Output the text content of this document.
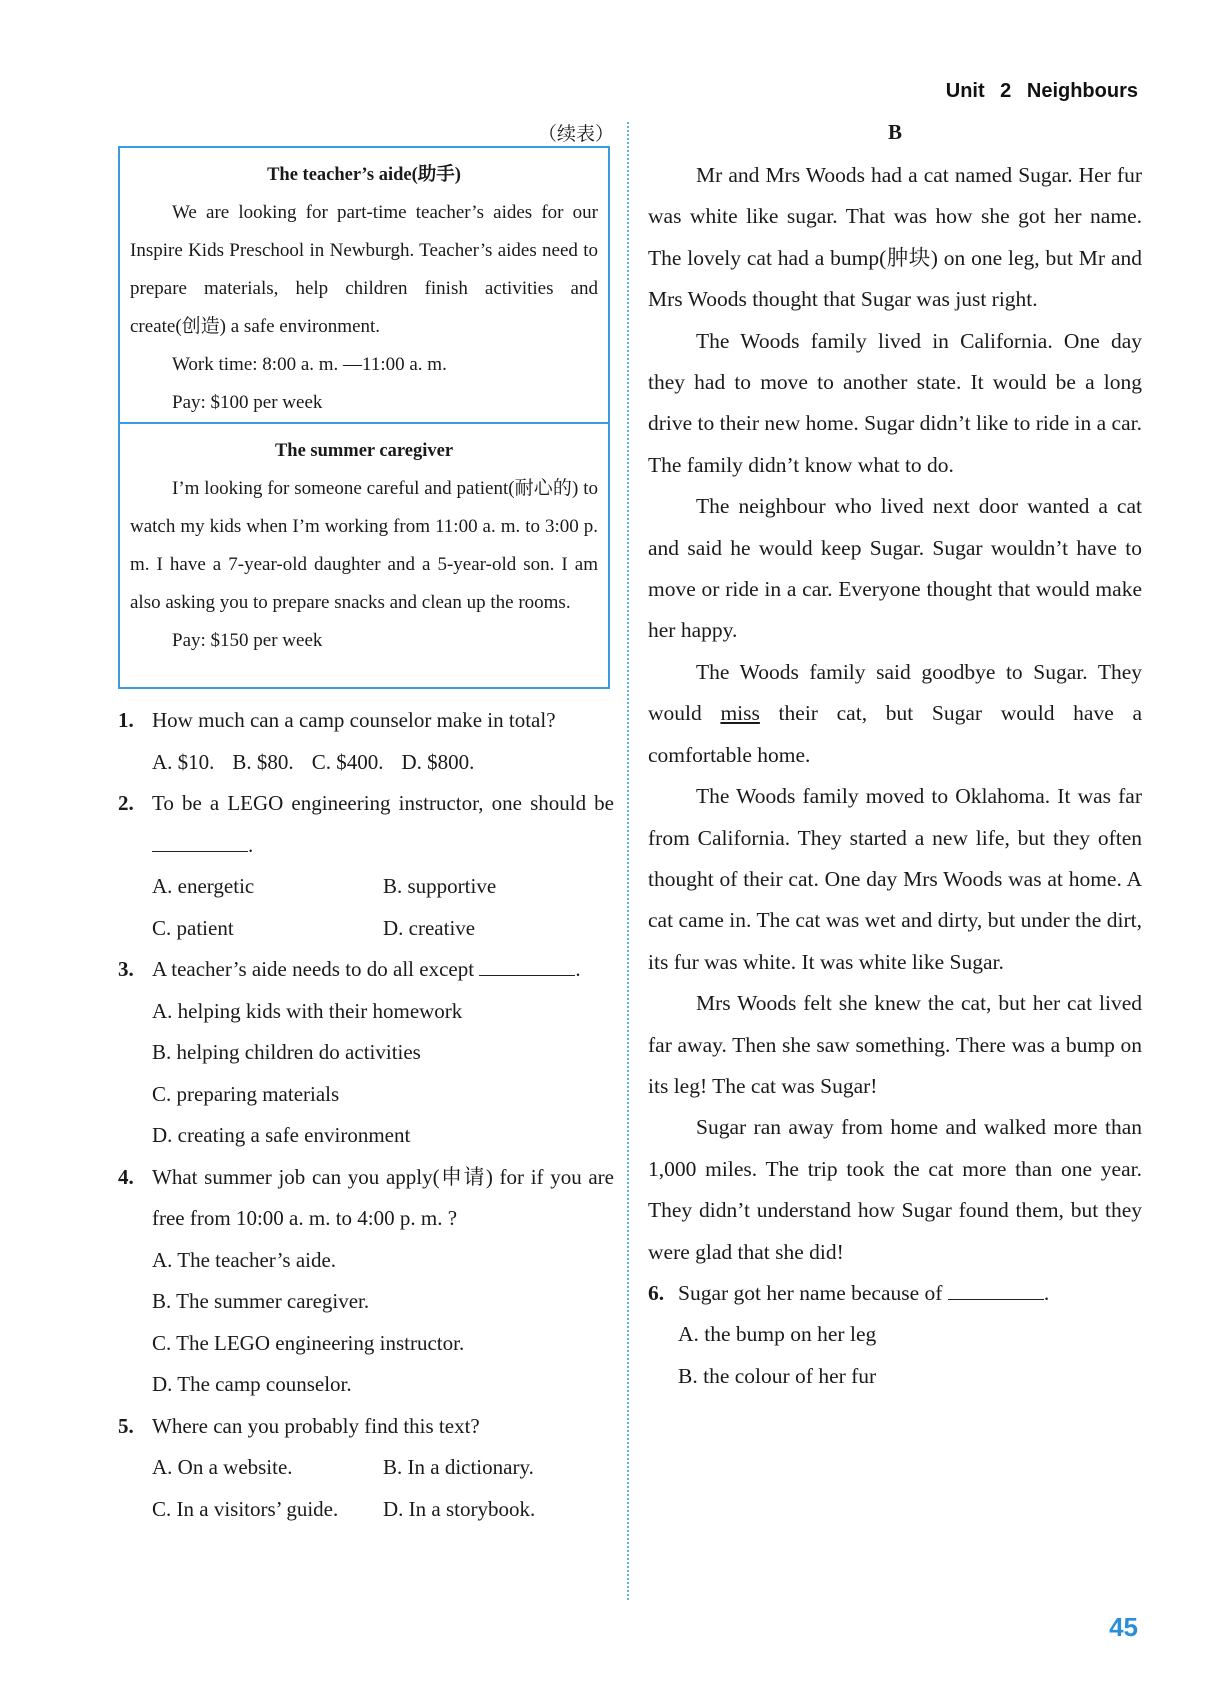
Unit 2 Neighbours
（续表）
The teacher’s aide(助手)

We are looking for part-time teacher’s aides for our Inspire Kids Preschool in Newburgh. Teacher’s aides need to prepare materials, help children finish activities and create(创造) a safe environment.

Work time: 8:00 a. m. —11:00 a. m.
Pay: $100 per week
The summer caregiver

I’m looking for someone careful and patient(耐心的) to watch my kids when I’m working from 11:00 a. m. to 3:00 p. m. I have a 7-year-old daughter and a 5-year-old son. I am also asking you to prepare snacks and clean up the rooms.

Pay: $150 per week
1. How much can a camp counselor make in total?
A. $10. B. $80. C. $400. D. $800.
2. To be a LEGO engineering instructor, one should be .
A. energetic	B. supportive
C. patient	D. creative
3. A teacher’s aide needs to do all except	.
A. helping kids with their homework
B. helping children do activities
C. preparing materials
D. creating a safe environment
4. What summer job can you apply(申请) for if you are free from 10:00 a. m. to 4:00 p. m. ?
A. The teacher’s aide.
B. The summer caregiver.
C. The LEGO engineering instructor.
D. The camp counselor.
5. Where can you probably find this text?
A. On a website.	B. In a dictionary.
C. In a visitors’ guide.	D. In a storybook.
B

Mr and Mrs Woods had a cat named Sugar. Her fur was white like sugar. That was how she got her name. The lovely cat had a bump(肿块) on one leg, but Mr and Mrs Woods thought that Sugar was just right.

The Woods family lived in California. One day they had to move to another state. It would be a long drive to their new home. Sugar didn’t like to ride in a car. The family didn’t know what to do.

The neighbour who lived next door wanted a cat and said he would keep Sugar. Sugar wouldn’t have to move or ride in a car. Everyone thought that would make her happy.

The Woods family said goodbye to Sugar. They would miss their cat, but Sugar would have a comfortable home.

The Woods family moved to Oklahoma. It was far from California. They started a new life, but they often thought of their cat. One day Mrs Woods was at home. A cat came in. The cat was wet and dirty, but under the dirt, its fur was white. It was white like Sugar.

Mrs Woods felt she knew the cat, but her cat lived far away. Then she saw something. There was a bump on its leg! The cat was Sugar!

Sugar ran away from home and walked more than 1,000 miles. The trip took the cat more than one year. They didn’t understand how Sugar found them, but they were glad that she did!

6. Sugar got her name because of	.
A. the bump on her leg
B. the colour of her fur
45
